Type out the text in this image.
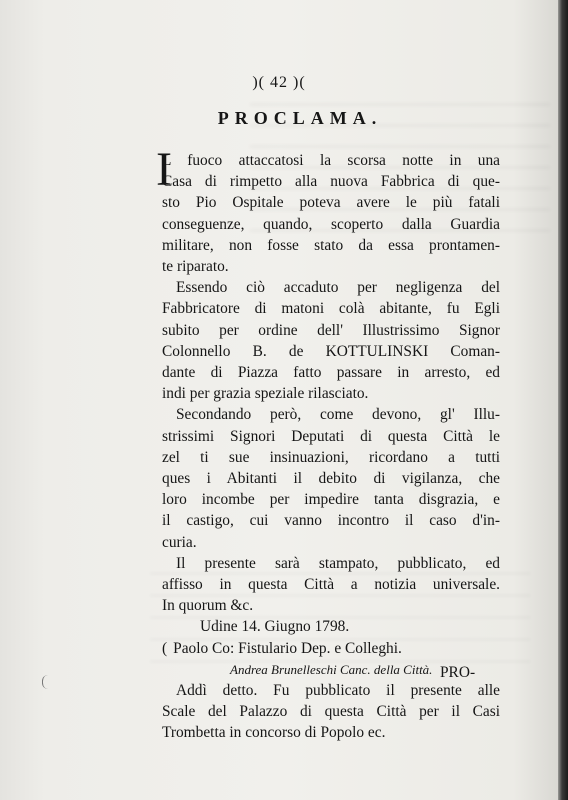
)( 42 )(
PROCLAMA.
I
L fuoco attaccatosi la scorsa notte in una
Casa di rimpetto alla nuova Fabbrica di que-
sto Pio Ospitale poteva avere le più fatali
conseguenze, quando, scoperto dalla Guardia
militare, non fosse stato da essa prontamen-
te riparato.
Essendo ciò accaduto per negligenza del
Fabbricatore di matoni colà abitante, fu Egli
subito per ordine dell' Illustrissimo Signor
Colonnello B. de KOTTULINSKI Coman-
dante di Piazza fatto passare in arresto, ed
indi per grazia speziale rilasciato.
Secondando però, come devono, gl' Illu-
strissimi Signori Deputati di questa Città le
zel ti sue insinuazioni, ricordano a tutti
ques i Abitanti il debito di vigilanza, che
loro incombe per impedire tanta disgrazia, e
il castigo, cui vanno incontro il caso d'in-
curia.
Il presente sarà stampato, pubblicato, ed
affisso in questa Città a notizia universale.
In quorum &c.
Udine 14. Giugno 1798.
( Paolo Co: Fistulario Dep. e Colleghi.
Andrea Brunelleschi Canc. della Città.
Addì detto. Fu pubblicato il presente alle
Scale del Palazzo di questa Città per il Casi
Trombetta in concorso di Popolo ec.
PRO-
